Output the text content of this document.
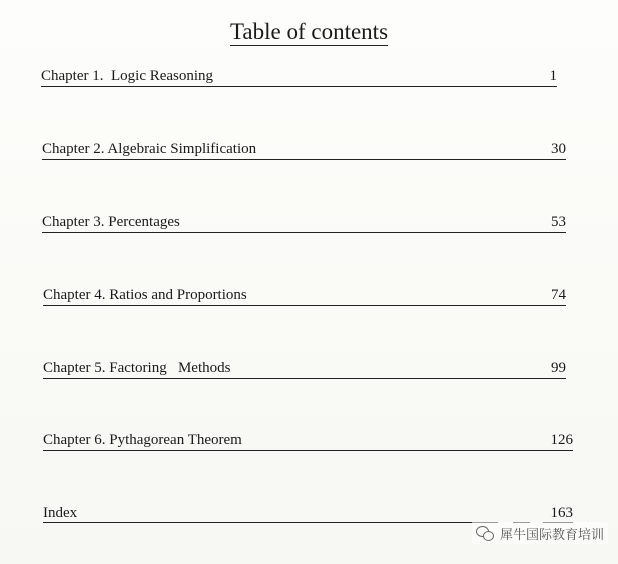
Table of contents
Chapter 1.  Logic Reasoning	1
Chapter 2. Algebraic Simplification	30
Chapter 3. Percentages	53
Chapter 4. Ratios and Proportions	74
Chapter 5. Factoring   Methods	99
Chapter 6. Pythagorean Theorem	126
Index	163
犀牛国际教育培训
